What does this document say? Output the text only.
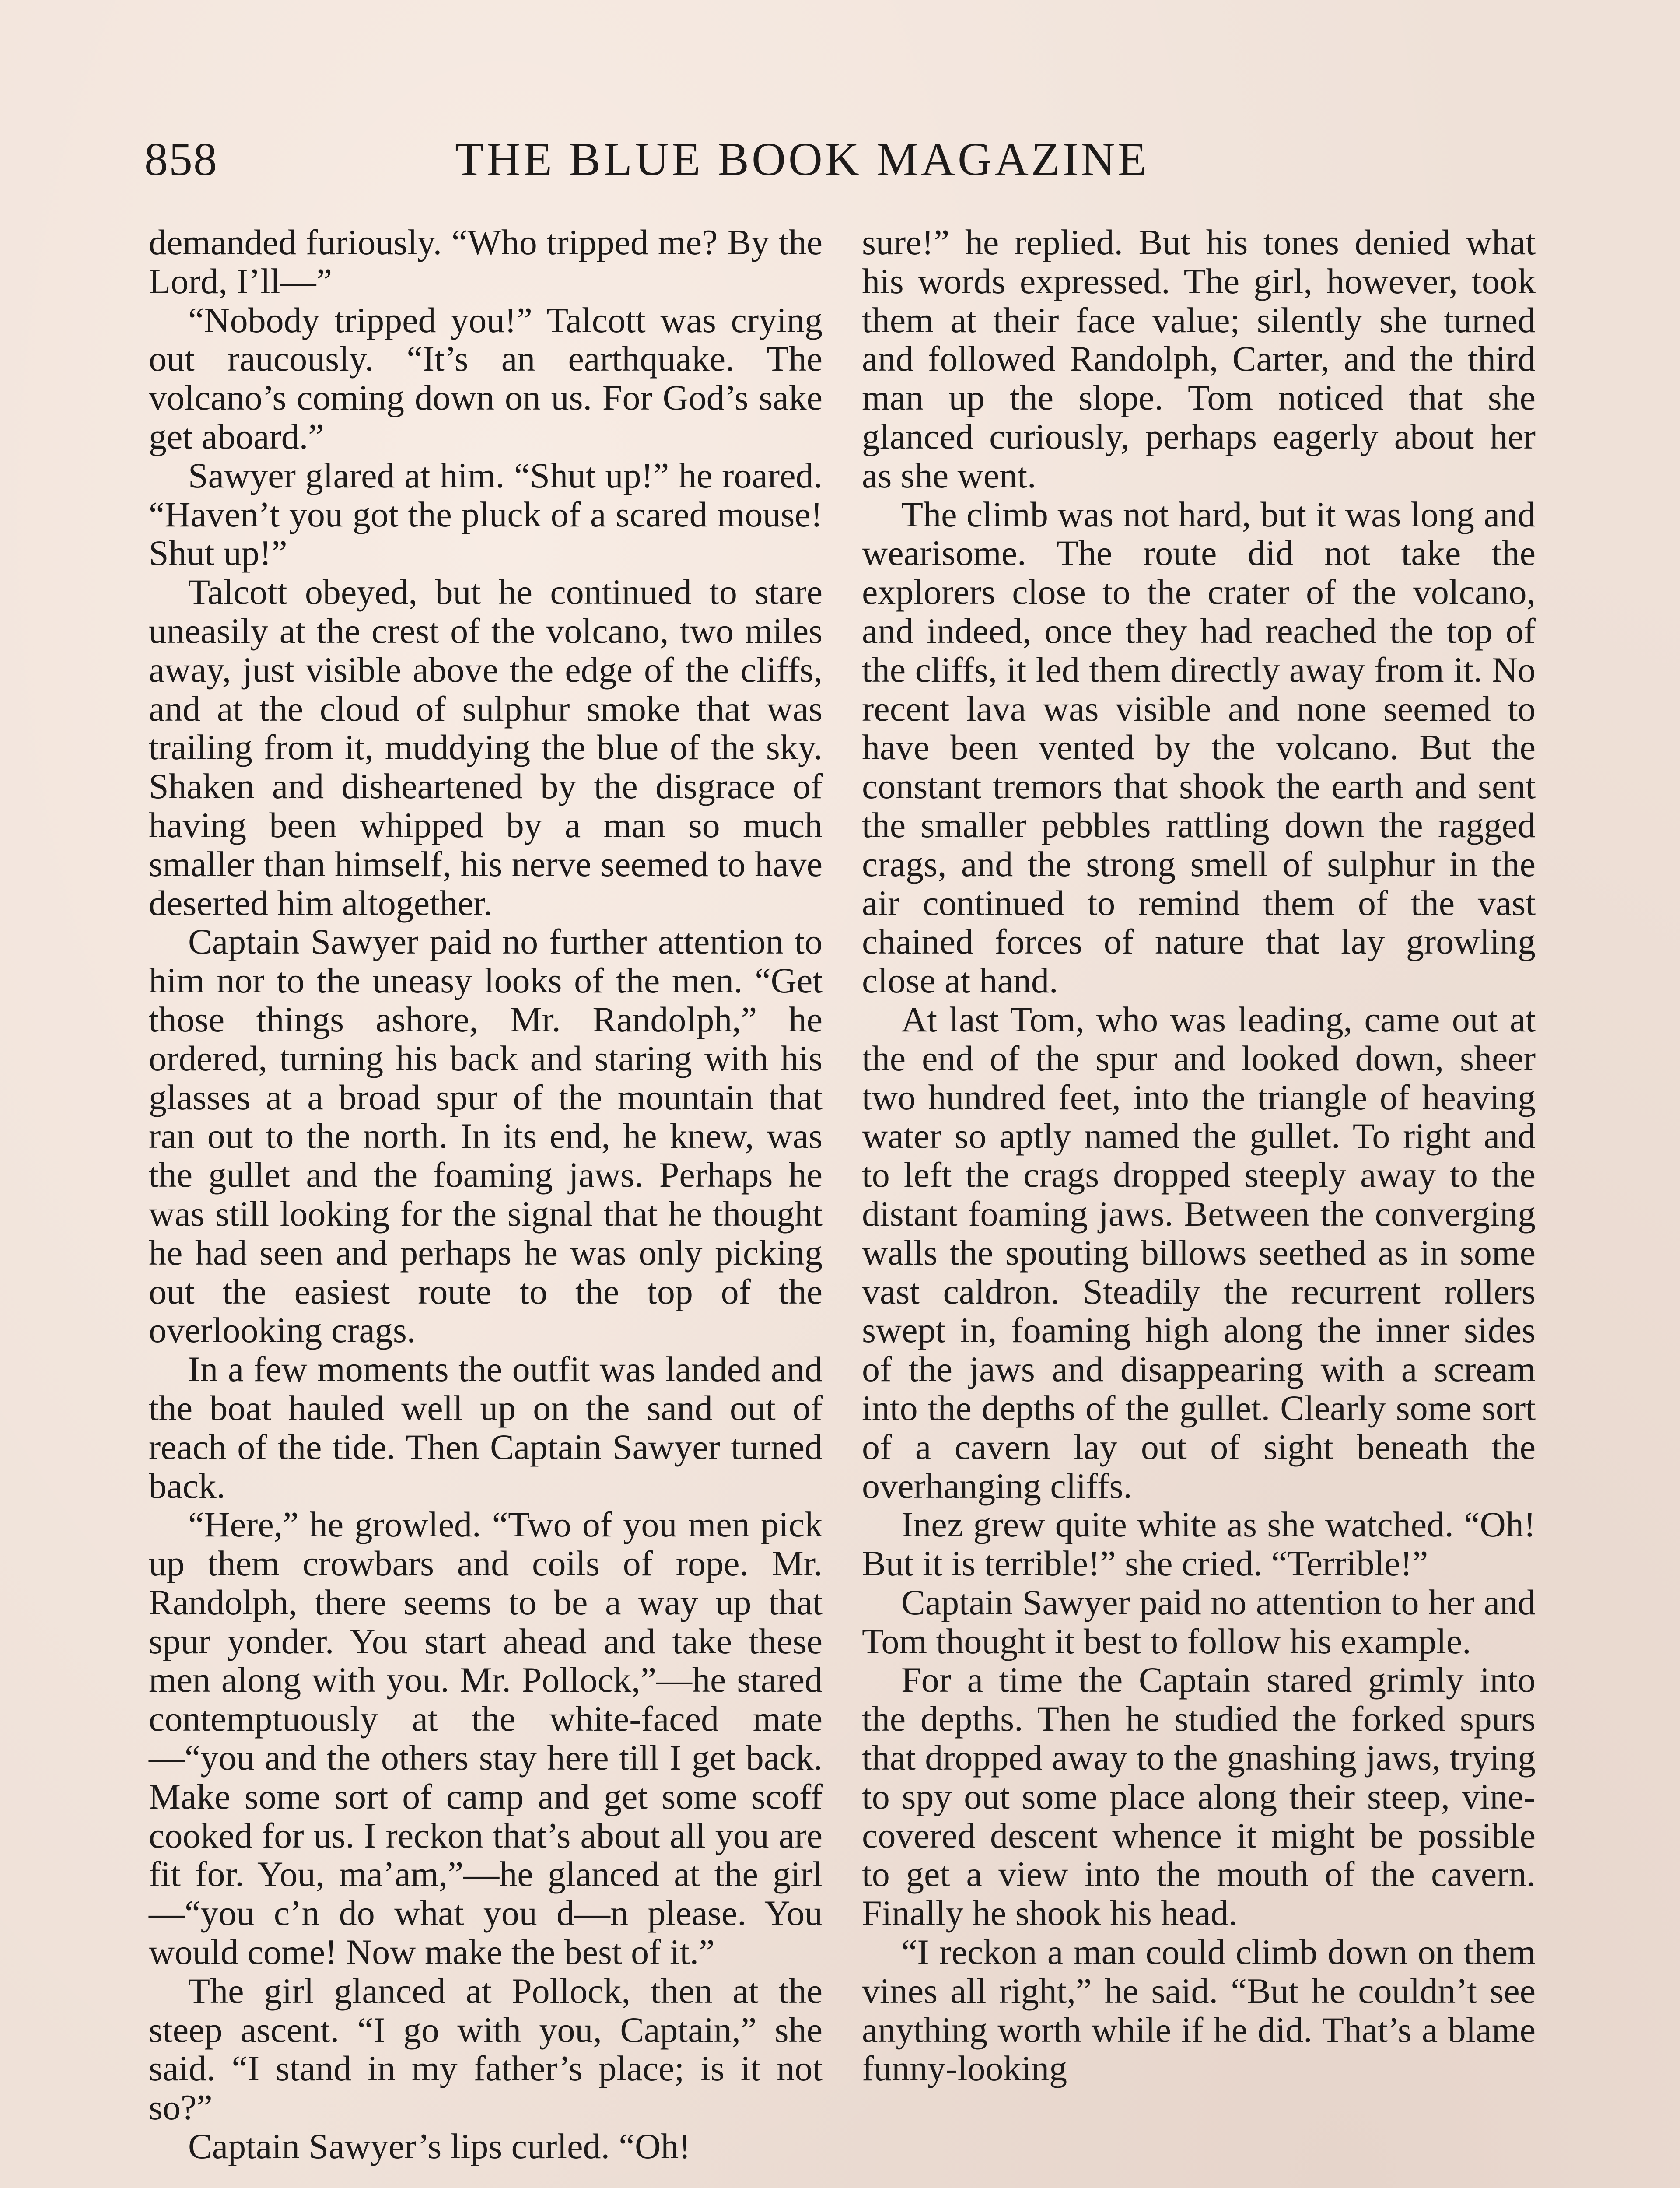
858	THE BLUE BOOK MAGAZINE

demanded furiously. “Who tripped me? By the Lord, I’ll—”

“Nobody tripped you!” Talcott was crying out raucously. “It’s an earthquake. The volcano’s coming down on us. For God’s sake get aboard.”

Sawyer glared at him. “Shut up!” he roared. “Haven’t you got the pluck of a scared mouse! Shut up!”

Talcott obeyed, but he continued to stare uneasily at the crest of the volcano, two miles away, just visible above the edge of the cliffs, and at the cloud of sulphur smoke that was trailing from it, muddying the blue of the sky. Shaken and disheartened by the disgrace of having been whipped by a man so much smaller than himself, his nerve seemed to have deserted him altogether.

Captain Sawyer paid no further attention to him nor to the uneasy looks of the men. “Get those things ashore, Mr. Randolph,” he ordered, turning his back and staring with his glasses at a broad spur of the mountain that ran out to the north. In its end, he knew, was the gullet and the foaming jaws. Perhaps he was still looking for the signal that he thought he had seen and perhaps he was only picking out the easiest route to the top of the overlooking crags.

In a few moments the outfit was landed and the boat hauled well up on the sand out of reach of the tide. Then Captain Sawyer turned back.

“Here,” he growled. “Two of you men pick up them crowbars and coils of rope. Mr. Randolph, there seems to be a way up that spur yonder. You start ahead and take these men along with you. Mr. Pollock,”—he stared contemptuously at the white-faced mate—“you and the others stay here till I get back. Make some sort of camp and get some scoff cooked for us. I reckon that’s about all you are fit for. You, ma’am,”—he glanced at the girl—“you c’n do what you d—n please. You would come! Now make the best of it.”

The girl glanced at Pollock, then at the steep ascent. “I go with you, Captain,” she said. “I stand in my father’s place; is it not so?”

Captain Sawyer’s lips curled. “Oh!

sure!” he replied. But his tones denied what his words expressed. The girl, however, took them at their face value; silently she turned and followed Randolph, Carter, and the third man up the slope. Tom noticed that she glanced curiously, perhaps eagerly about her as she went.

The climb was not hard, but it was long and wearisome. The route did not take the explorers close to the crater of the volcano, and indeed, once they had reached the top of the cliffs, it led them directly away from it. No recent lava was visible and none seemed to have been vented by the volcano. But the constant tremors that shook the earth and sent the smaller pebbles rattling down the ragged crags, and the strong smell of sulphur in the air continued to remind them of the vast chained forces of nature that lay growling close at hand.

At last Tom, who was leading, came out at the end of the spur and looked down, sheer two hundred feet, into the triangle of heaving water so aptly named the gullet. To right and to left the crags dropped steeply away to the distant foaming jaws. Between the converging walls the spouting billows seethed as in some vast caldron. Steadily the recurrent rollers swept in, foaming high along the inner sides of the jaws and disappearing with a scream into the depths of the gullet. Clearly some sort of a cavern lay out of sight beneath the overhanging cliffs.

Inez grew quite white as she watched. “Oh! But it is terrible!” she cried. “Terrible!”

Captain Sawyer paid no attention to her and Tom thought it best to follow his example.

For a time the Captain stared grimly into the depths. Then he studied the forked spurs that dropped away to the gnashing jaws, trying to spy out some place along their steep, vine-covered descent whence it might be possible to get a view into the mouth of the cavern. Finally he shook his head.

“I reckon a man could climb down on them vines all right,” he said. “But he couldn’t see anything worth while if he did. That’s a blame funny-looking
